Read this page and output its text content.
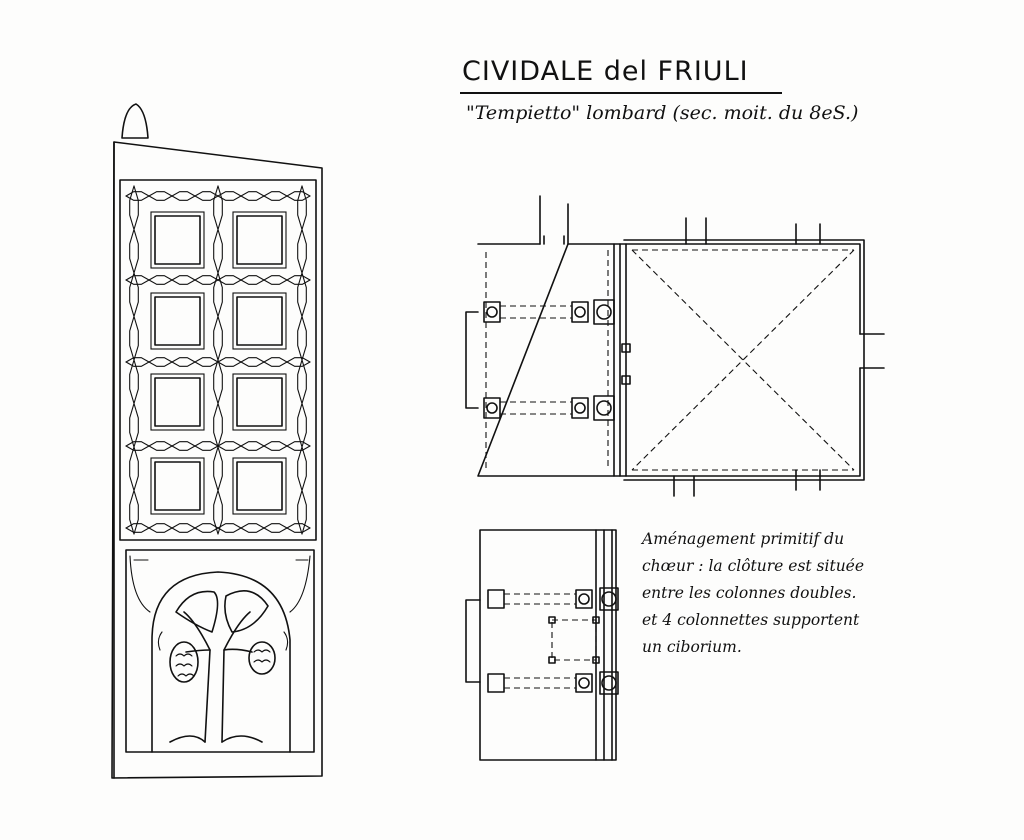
CIVIDALE del FRIULI
"Tempietto" lombard (sec. moit. du 8eS.)
Aménagement primitif du
chœur : la clôture est située
entre les colonnes doubles.
et 4 colonnettes supportent
un ciborium.
